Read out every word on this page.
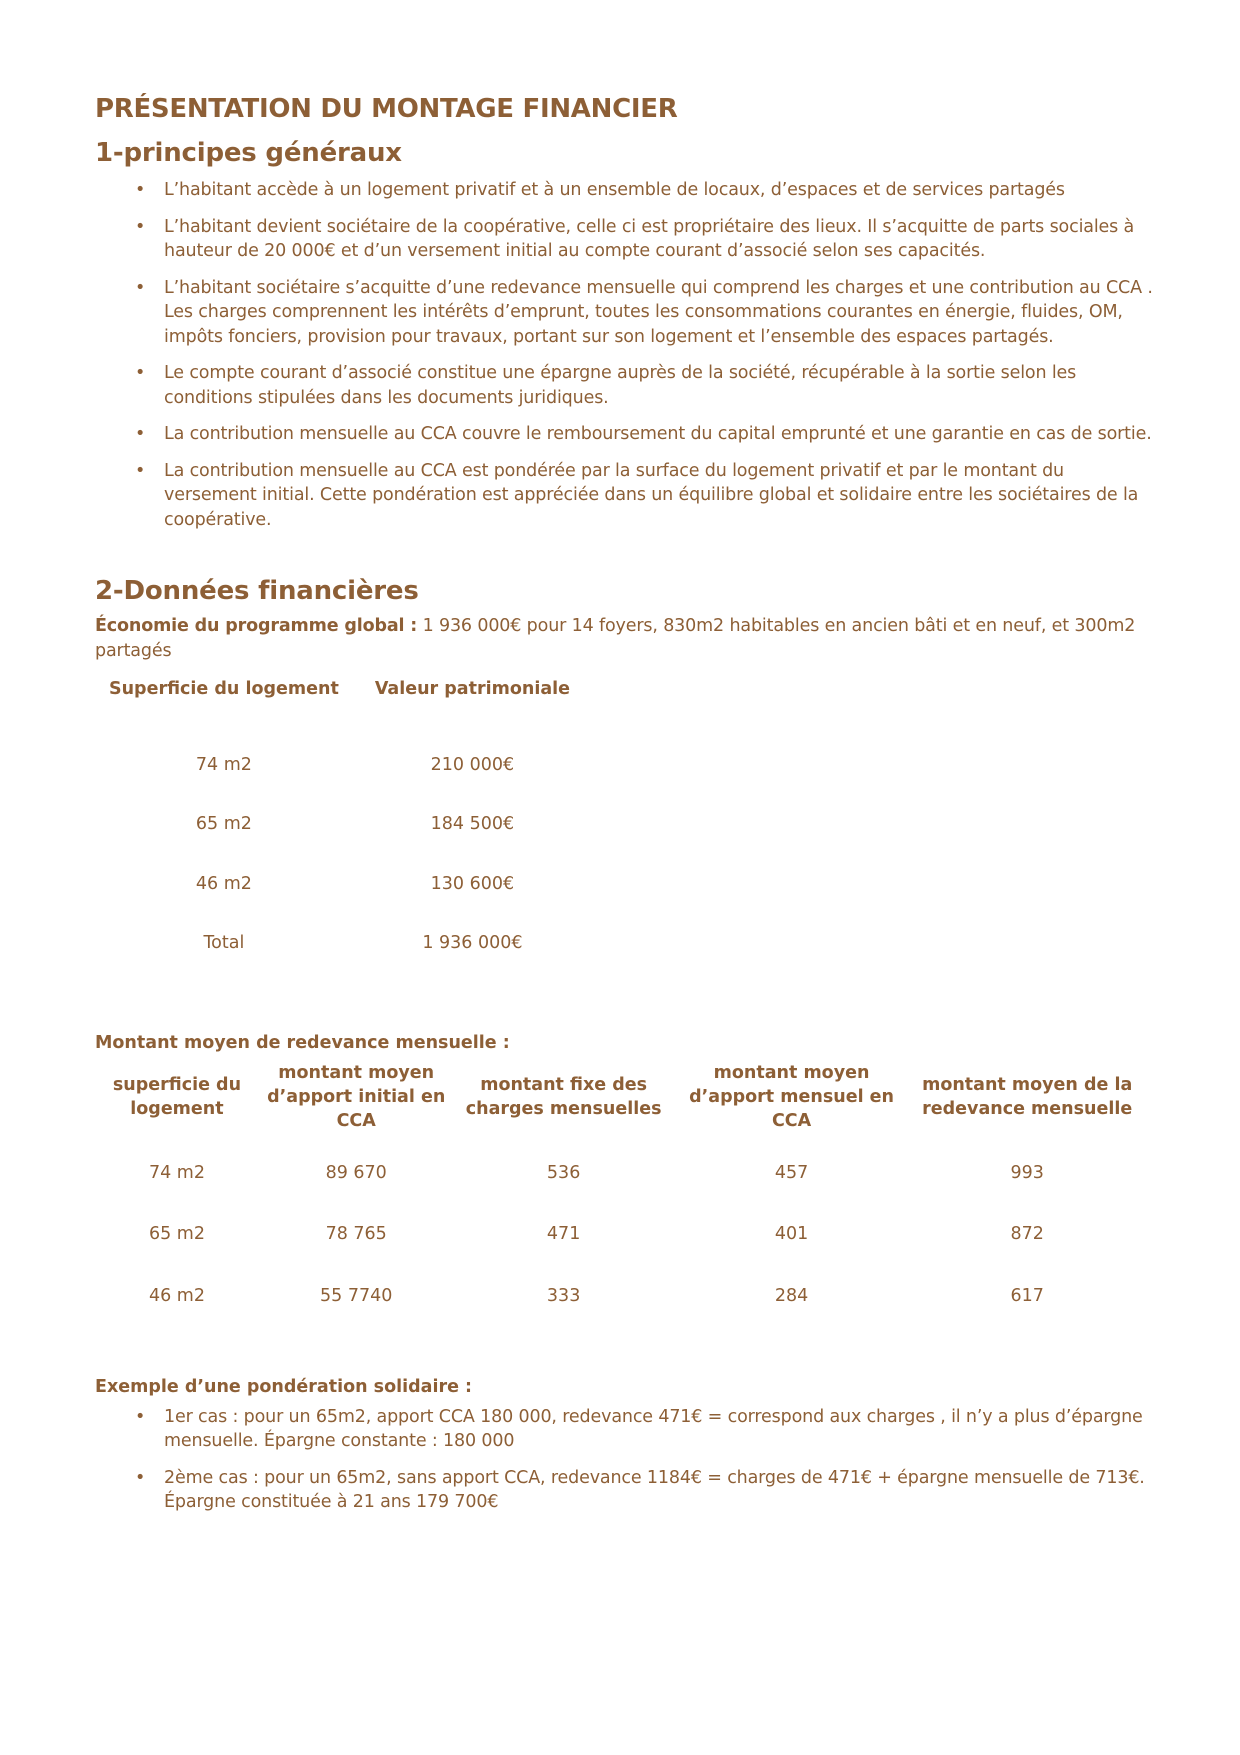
PRÉSENTATION DU MONTAGE FINANCIER
1-principes généraux
• L’habitant accède à un logement privatif et à un ensemble de locaux, d’espaces et de services partagés
• L’habitant devient sociétaire de la coopérative, celle ci est propriétaire des lieux. Il s’acquitte de parts sociales à hauteur de 20 000€ et d’un versement initial au compte courant d’associé selon ses capacités.
• L’habitant sociétaire s’acquitte d’une redevance mensuelle qui comprend les charges et une contribution au CCA .
Les charges comprennent les intérêts d’emprunt, toutes les consommations courantes en énergie, fluides, OM, impôts fonciers, provision pour travaux, portant sur son logement et l’ensemble des espaces partagés.
• Le compte courant d’associé constitue une épargne auprès de la société, récupérable à la sortie selon les conditions stipulées dans les documents juridiques.
• La contribution mensuelle au CCA couvre le remboursement du capital emprunté et une garantie en cas de sortie.
• La contribution mensuelle au CCA est pondérée par la surface du logement privatif et par le montant du versement initial. Cette pondération est appréciée dans un équilibre global et solidaire entre les sociétaires de la coopérative.
2-Données financières
Économie du programme global : 1 936 000€ pour 14 foyers, 830m2 habitables en ancien bâti et en neuf, et 300m2 partagés
Superficie du logement	Valeur patrimoniale
74 m2	210 000€
65 m2	184 500€
46 m2	130 600€
Total	1 936 000€
Montant moyen de redevance mensuelle :
superficie du logement	montant moyen d’apport initial en CCA	montant fixe des charges mensuelles	montant moyen d’apport mensuel en CCA	montant moyen de la redevance mensuelle
74 m2	89 670	536	457	993
65 m2	78 765	471	401	872
46 m2	55 7740	333	284	617
Exemple d’une pondération solidaire :
• 1er cas : pour un 65m2, apport CCA 180 000, redevance 471€ = correspond aux charges , il n’y a plus d’épargne mensuelle. Épargne constante : 180 000
• 2ème cas : pour un 65m2, sans apport CCA, redevance 1184€ = charges de 471€ + épargne mensuelle de 713€. Épargne constituée à 21 ans 179 700€
